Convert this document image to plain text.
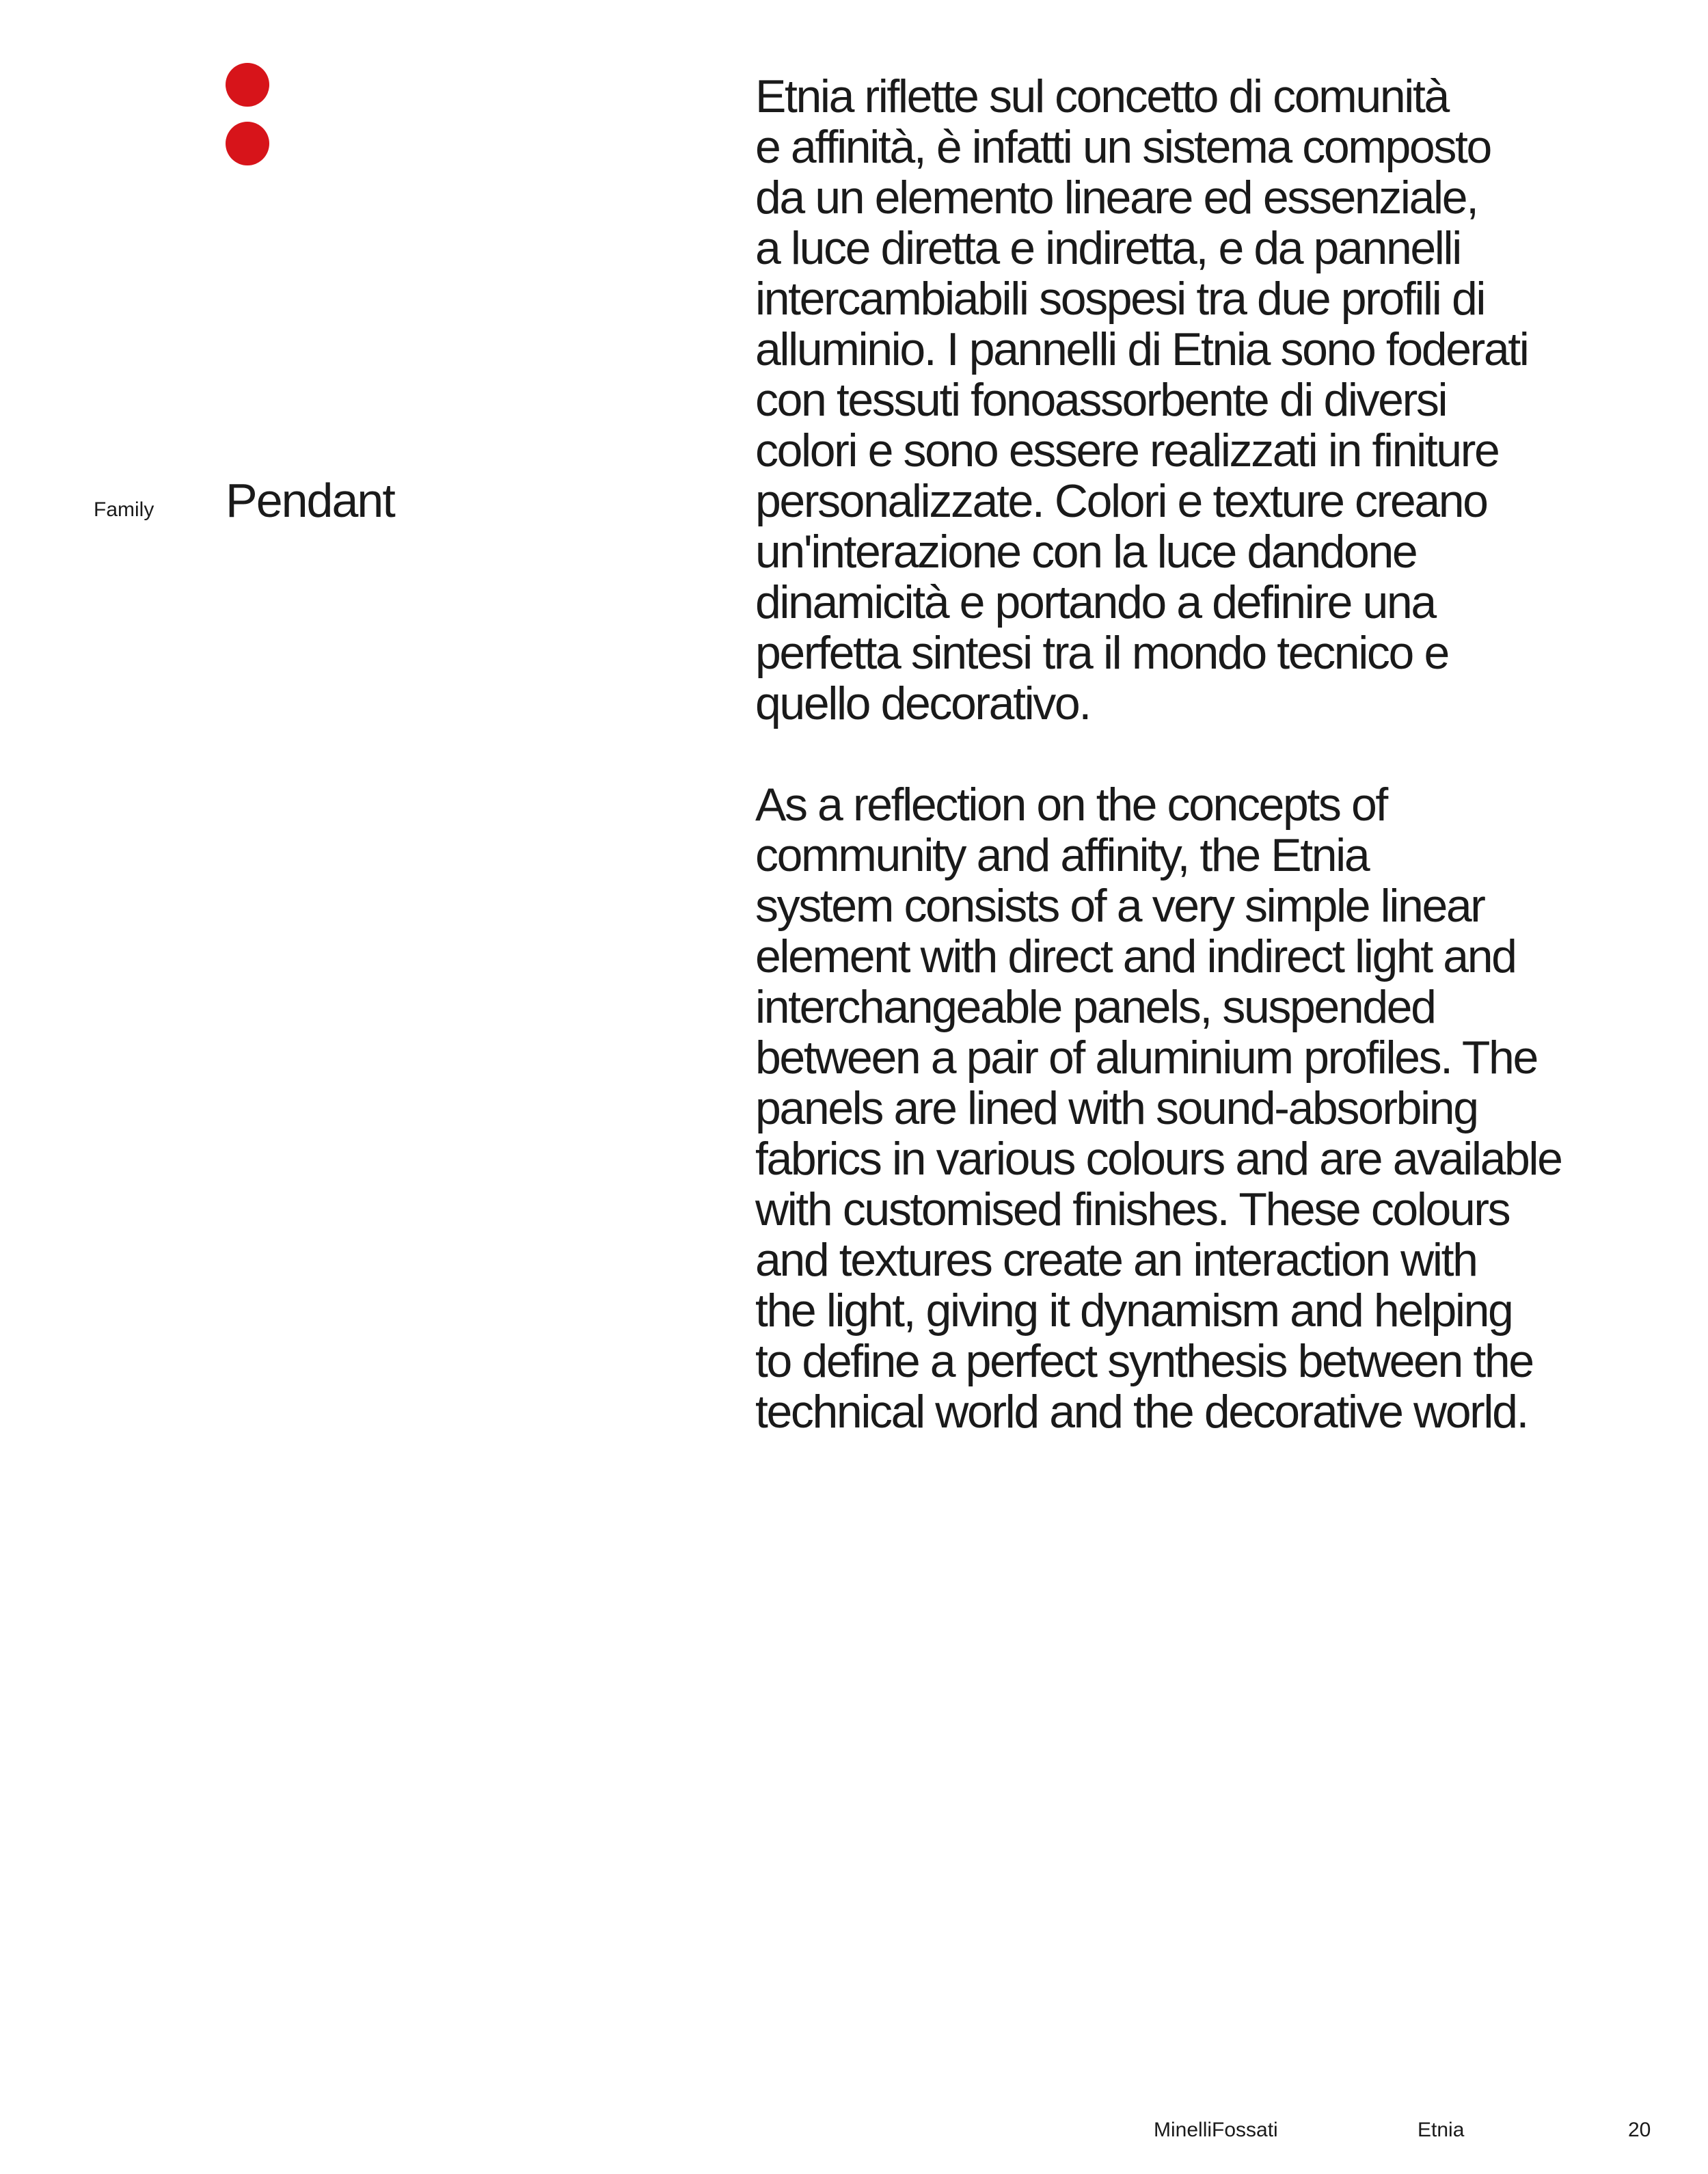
Family Pendant

Etnia riflette sul concetto di comunità
e affinità, è infatti un sistema composto
da un elemento lineare ed essenziale,
a luce diretta e indiretta, e da pannelli
intercambiabili sospesi tra due profili di
alluminio. I pannelli di Etnia sono foderati
con tessuti fonoassorbente di diversi
colori e sono essere realizzati in finiture
personalizzate. Colori e texture creano
un'interazione con la luce dandone
dinamicità e portando a definire una
perfetta sintesi tra il mondo tecnico e
quello decorativo.

As a reflection on the concepts of
community and affinity, the Etnia
system consists of a very simple linear
element with direct and indirect light and
interchangeable panels, suspended
between a pair of aluminium profiles. The
panels are lined with sound-absorbing
fabrics in various colours and are available
with customised finishes. These colours
and textures create an interaction with
the light, giving it dynamism and helping
to define a perfect synthesis between the
technical world and the decorative world.

MinelliFossati	Etnia	20
